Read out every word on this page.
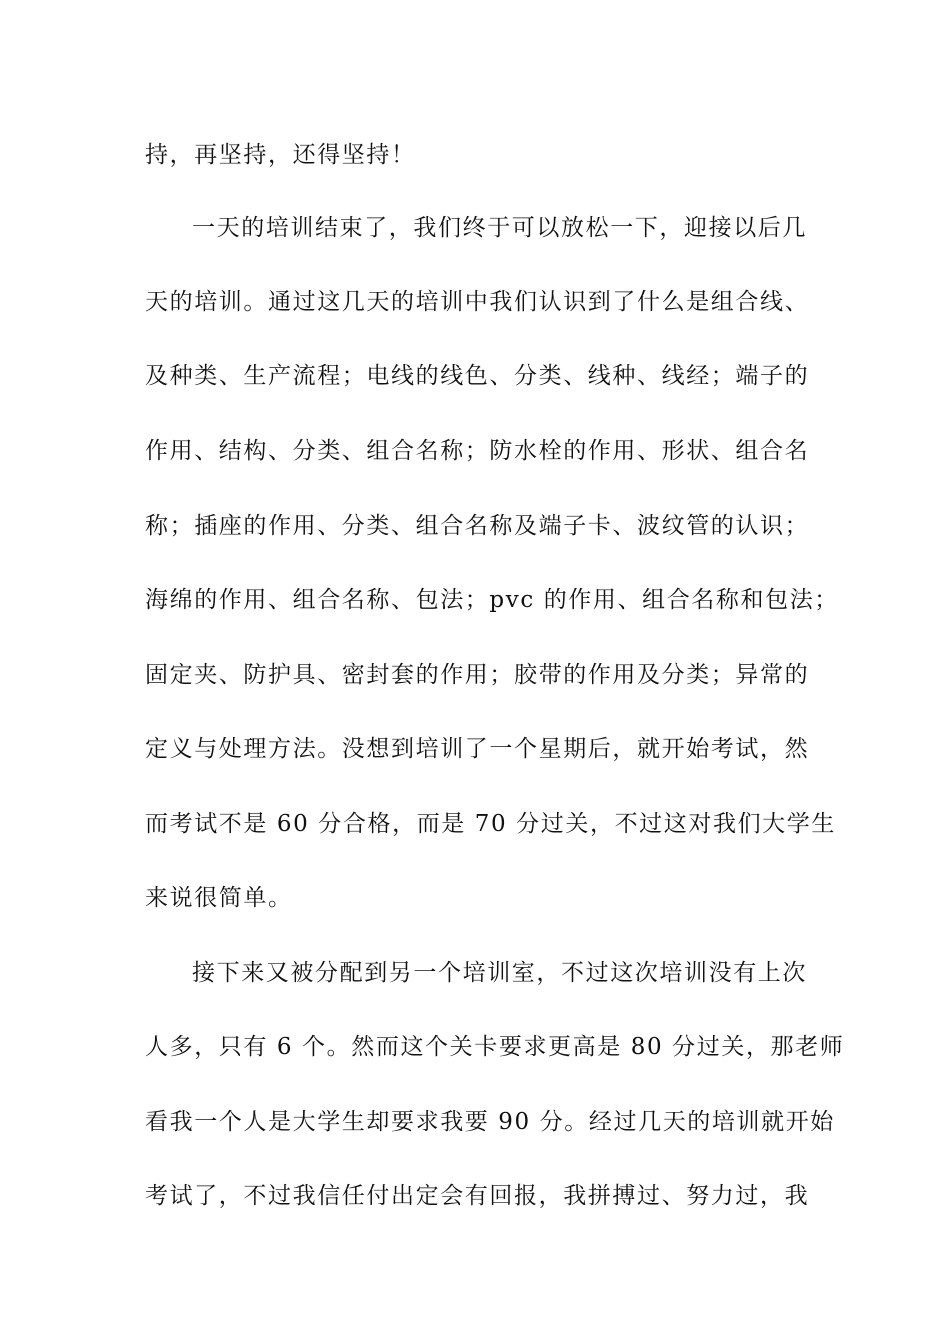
持，再坚持，还得坚持！
一天的培训结束了，我们终于可以放松一下，迎接以后几
天的培训。通过这几天的培训中我们认识到了什么是组合线、
及种类、生产流程；电线的线色、分类、线种、线经；端子的
作用、结构、分类、组合名称；防水栓的作用、形状、组合名
称；插座的作用、分类、组合名称及端子卡、波纹管的认识；
海绵的作用、组合名称、包法；pvc 的作用、组合名称和包法；
固定夹、防护具、密封套的作用；胶带的作用及分类；异常的
定义与处理方法。没想到培训了一个星期后，就开始考试，然
而考试不是 60 分合格，而是 70 分过关，不过这对我们大学生
来说很简单。
接下来又被分配到另一个培训室，不过这次培训没有上次
人多，只有 6 个。然而这个关卡要求更高是 80 分过关，那老师
看我一个人是大学生却要求我要 90 分。经过几天的培训就开始
考试了，不过我信任付出定会有回报，我拼搏过、努力过，我
